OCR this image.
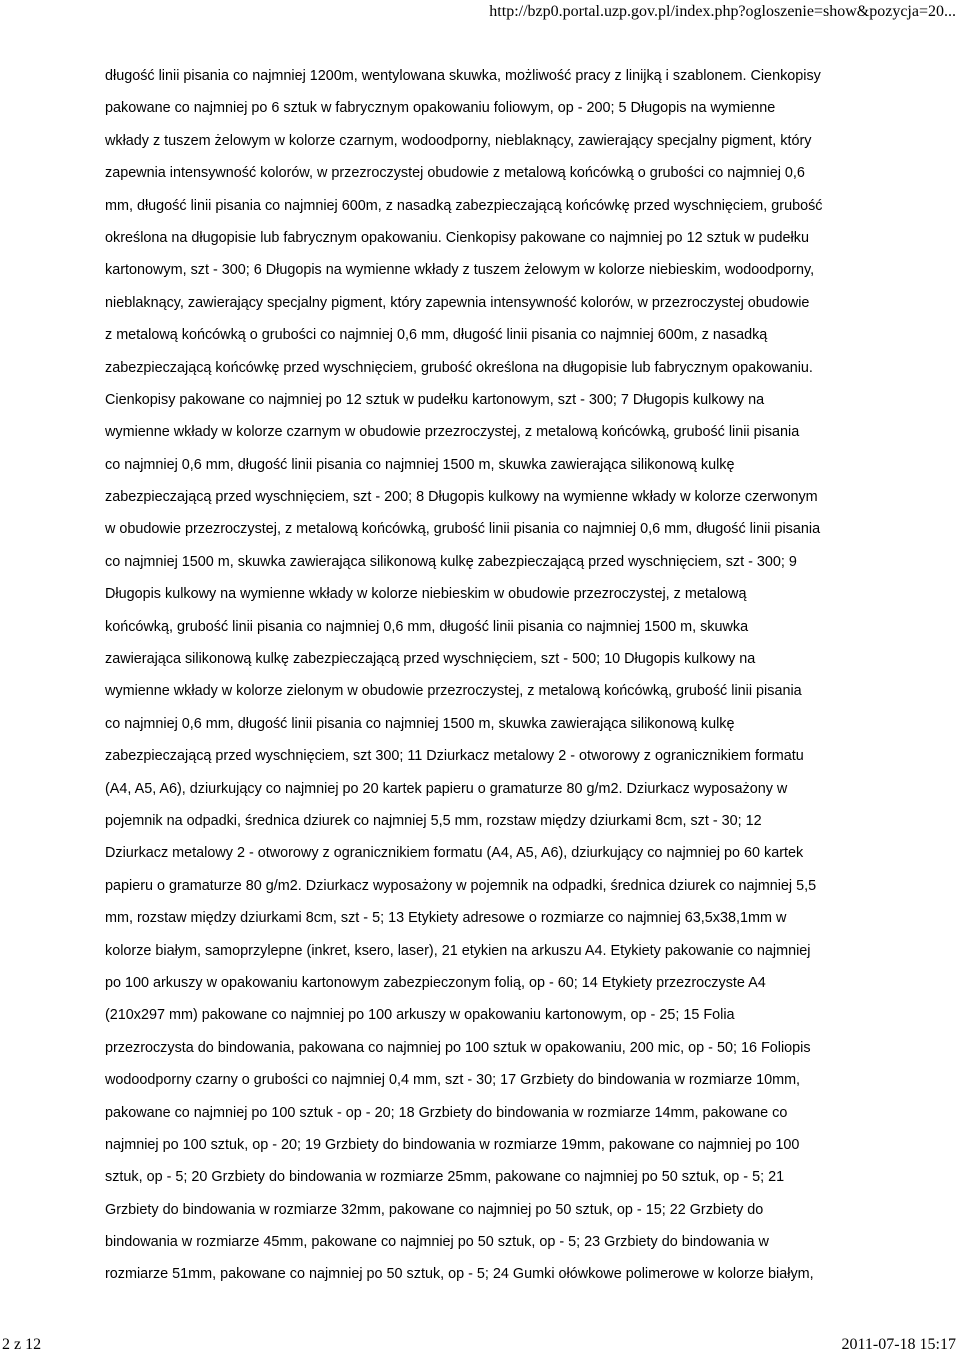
http://bzp0.portal.uzp.gov.pl/index.php?ogloszenie=show&pozycja=20...
długość linii pisania co najmniej 1200m, wentylowana skuwka, możliwość pracy z linijką i szablonem. Cienkopisy
pakowane co najmniej po 6 sztuk w fabrycznym opakowaniu foliowym, op - 200; 5 Długopis na wymienne
wkłady z tuszem żelowym w kolorze czarnym, wodoodporny, nieblaknący, zawierający specjalny pigment, który
zapewnia intensywność kolorów, w przezroczystej obudowie z metalową końcówką o grubości co najmniej 0,6
mm, długość linii pisania co najmniej 600m, z nasadką zabezpieczającą końcówkę przed wyschnięciem, grubość
określona na długopisie lub fabrycznym opakowaniu. Cienkopisy pakowane co najmniej po 12 sztuk w pudełku
kartonowym, szt - 300; 6 Długopis na wymienne wkłady z tuszem żelowym w kolorze niebieskim, wodoodporny,
nieblaknący, zawierający specjalny pigment, który zapewnia intensywność kolorów, w przezroczystej obudowie
z metalową końcówką o grubości co najmniej 0,6 mm, długość linii pisania co najmniej 600m, z nasadką
zabezpieczającą końcówkę przed wyschnięciem, grubość określona na długopisie lub fabrycznym opakowaniu.
Cienkopisy pakowane co najmniej po 12 sztuk w pudełku kartonowym, szt - 300; 7 Długopis kulkowy na
wymienne wkłady w kolorze czarnym w obudowie przezroczystej, z metalową końcówką, grubość linii pisania
co najmniej 0,6 mm, długość linii pisania co najmniej 1500 m, skuwka zawierająca silikonową kulkę
zabezpieczającą przed wyschnięciem, szt - 200; 8 Długopis kulkowy na wymienne wkłady w kolorze czerwonym
w obudowie przezroczystej, z metalową końcówką, grubość linii pisania co najmniej 0,6 mm, długość linii pisania
co najmniej 1500 m, skuwka zawierająca silikonową kulkę zabezpieczającą przed wyschnięciem, szt - 300; 9
Długopis kulkowy na wymienne wkłady w kolorze niebieskim w obudowie przezroczystej, z metalową
końcówką, grubość linii pisania co najmniej 0,6 mm, długość linii pisania co najmniej 1500 m, skuwka
zawierająca silikonową kulkę zabezpieczającą przed wyschnięciem, szt - 500; 10 Długopis kulkowy na
wymienne wkłady w kolorze zielonym w obudowie przezroczystej, z metalową końcówką, grubość linii pisania
co najmniej 0,6 mm, długość linii pisania co najmniej 1500 m, skuwka zawierająca silikonową kulkę
zabezpieczającą przed wyschnięciem, szt 300; 11 Dziurkacz metalowy 2 - otworowy z ogranicznikiem formatu
(A4, A5, A6), dziurkujący co najmniej po 20 kartek papieru o gramaturze 80 g/m2. Dziurkacz wyposażony w
pojemnik na odpadki, średnica dziurek co najmniej 5,5 mm, rozstaw między dziurkami 8cm, szt - 30; 12
Dziurkacz metalowy 2 - otworowy z ogranicznikiem formatu (A4, A5, A6), dziurkujący co najmniej po 60 kartek
papieru o gramaturze 80 g/m2. Dziurkacz wyposażony w pojemnik na odpadki, średnica dziurek co najmniej 5,5
mm, rozstaw między dziurkami 8cm, szt - 5; 13 Etykiety adresowe o rozmiarze co najmniej 63,5x38,1mm w
kolorze białym, samoprzylepne (inkret, ksero, laser), 21 etykien na arkuszu A4. Etykiety pakowanie co najmniej
po 100 arkuszy w opakowaniu kartonowym zabezpieczonym folią, op - 60; 14 Etykiety przezroczyste A4
(210x297 mm) pakowane co najmniej po 100 arkuszy w opakowaniu kartonowym, op - 25; 15 Folia
przezroczysta do bindowania, pakowana co najmniej po 100 sztuk w opakowaniu, 200 mic, op - 50; 16 Foliopis
wodoodporny czarny o grubości co najmniej 0,4 mm, szt - 30; 17 Grzbiety do bindowania w rozmiarze 10mm,
pakowane co najmniej po 100 sztuk - op - 20; 18 Grzbiety do bindowania w rozmiarze 14mm, pakowane co
najmniej po 100 sztuk, op - 20; 19 Grzbiety do bindowania w rozmiarze 19mm, pakowane co najmniej po 100
sztuk, op - 5; 20 Grzbiety do bindowania w rozmiarze 25mm, pakowane co najmniej po 50 sztuk, op - 5; 21
Grzbiety do bindowania w rozmiarze 32mm, pakowane co najmniej po 50 sztuk, op - 15; 22 Grzbiety do
bindowania w rozmiarze 45mm, pakowane co najmniej po 50 sztuk, op - 5; 23 Grzbiety do bindowania w
rozmiarze 51mm, pakowane co najmniej po 50 sztuk, op - 5; 24 Gumki ołówkowe polimerowe w kolorze białym,
2 z 12	2011-07-18 15:17
